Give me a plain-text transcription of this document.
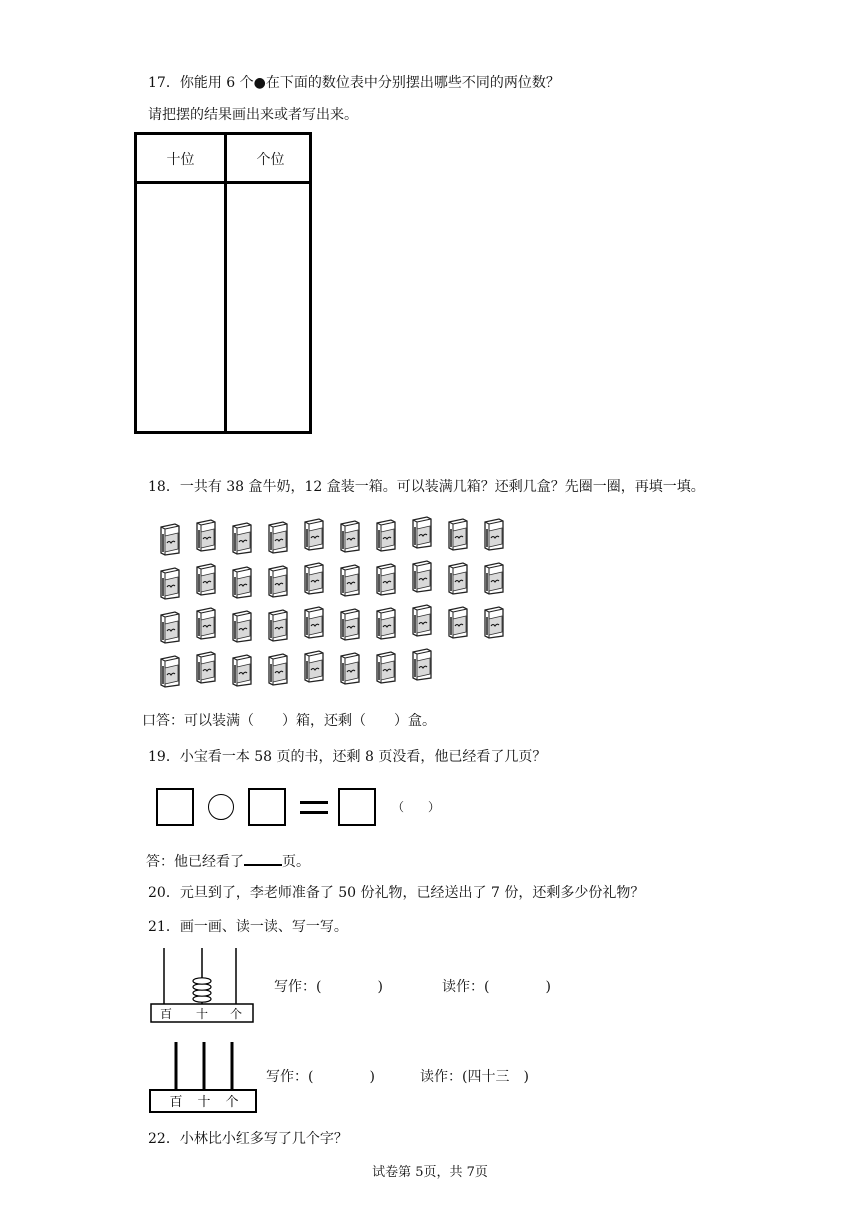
17．你能用 6 个●在下面的数位表中分别摆出哪些不同的两位数？
请把摆的结果画出来或者写出来。
十位	个位
18．一共有 38 盒牛奶，12 盒装一箱。可以装满几箱？还剩几盒？先圈一圈，再填一填。
口答：可以装满（　　）箱，还剩（　　）盒。
19．小宝看一本 58 页的书，还剩 8 页没看，他已经看了几页？
（　　）
答：他已经看了	页。
20．元旦到了，李老师准备了 50 份礼物，已经送出了 7 份，还剩多少份礼物？
21．画一画、读一读、写一写。
百 十 个
写作：(　　　　)	读作：(　　　　)
百 十 个
写作：(　　　　)	读作：(四十三　)
22．小林比小红多写了几个字？
试卷第 5页，共 7页
